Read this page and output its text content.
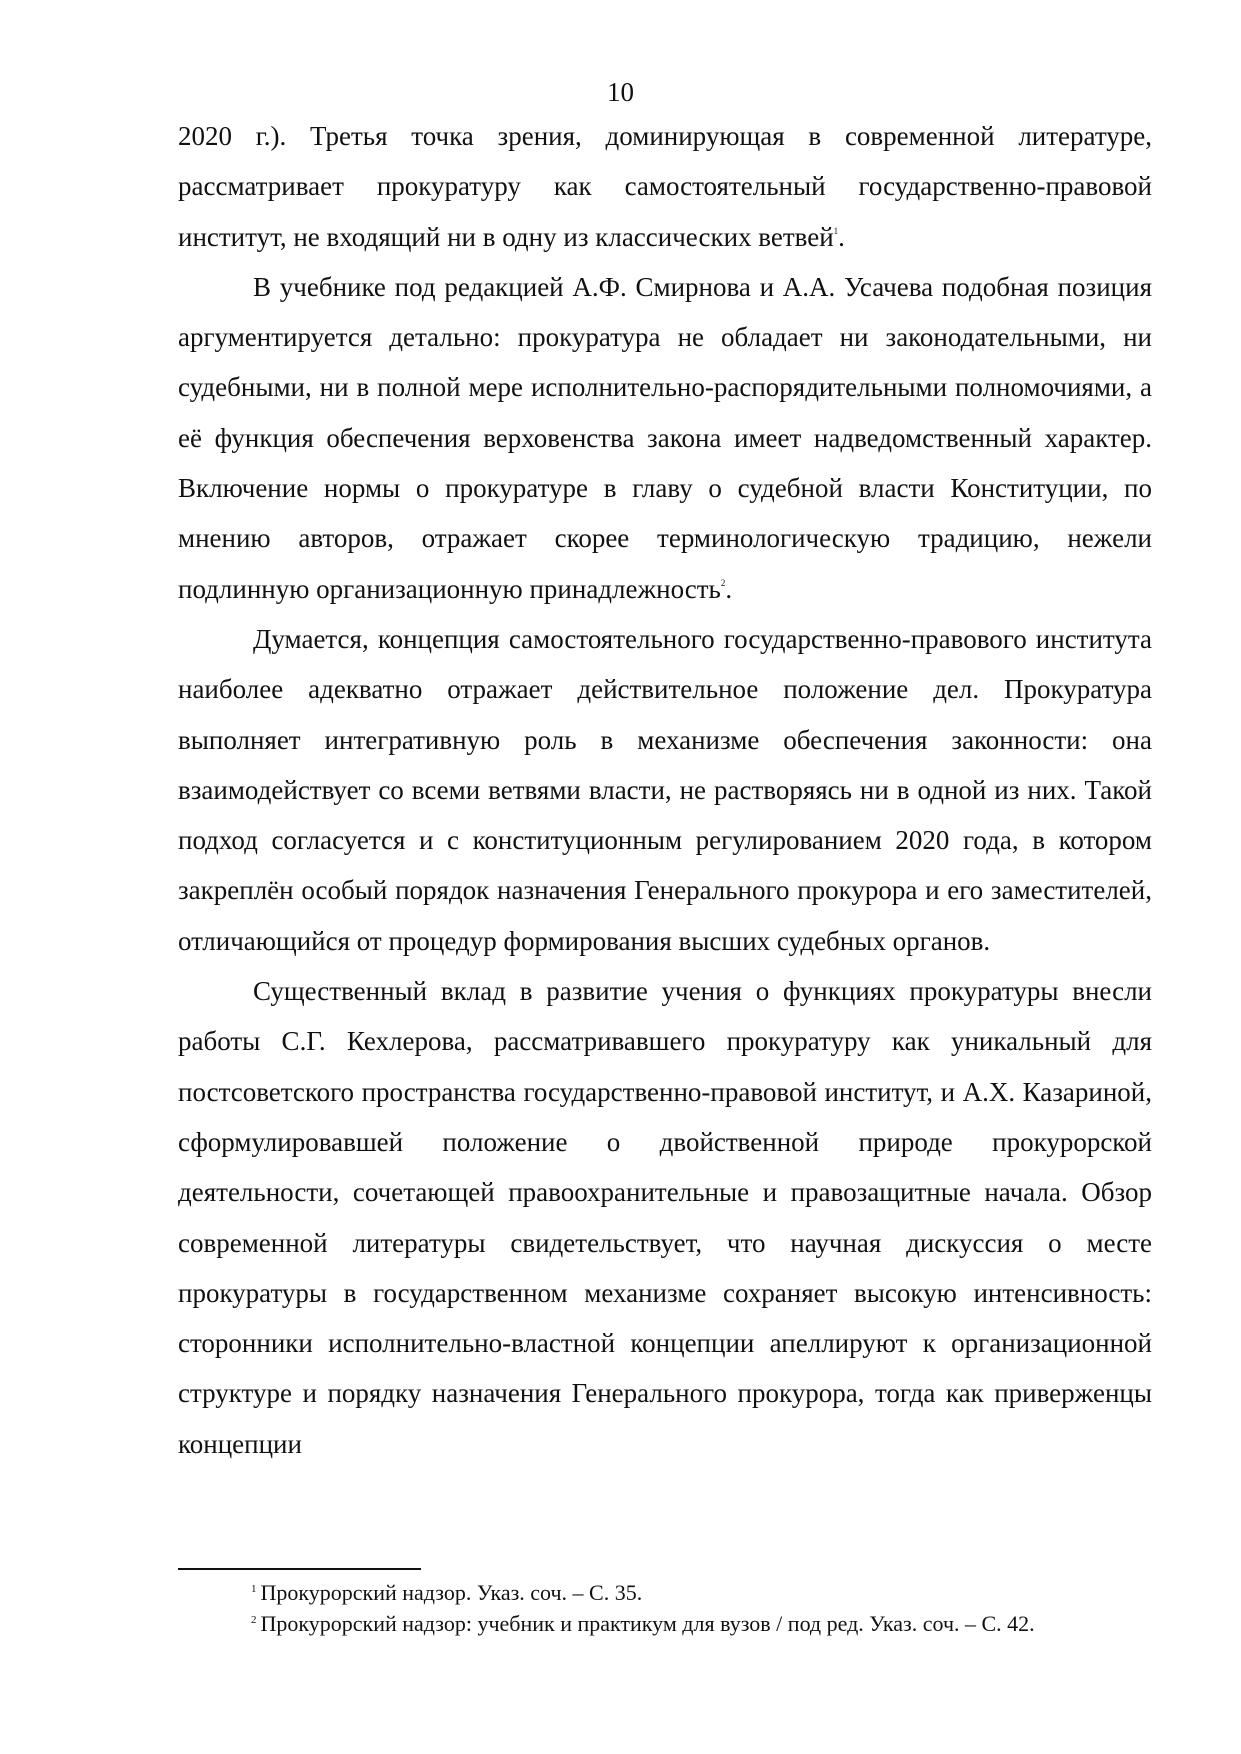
10

2020 г.). Третья точка зрения, доминирующая в современной литературе, рассматривает прокуратуру как самостоятельный государственно-правовой институт, не входящий ни в одну из классических ветвей$^1$.

В учебнике под редакцией А.Ф. Смирнова и А.А. Усачева подобная позиция аргументируется детально: прокуратура не обладает ни законодательными, ни судебными, ни в полной мере исполнительно-распорядительными полномочиями, а её функция обеспечения верховенства закона имеет надведомственный характер. Включение нормы о прокуратуре в главу о судебной власти Конституции, по мнению авторов, отражает скорее терминологическую традицию, нежели подлинную организационную принадлежность$^2$.

Думается, концепция самостоятельного государственно-правового института наиболее адекватно отражает действительное положение дел. Прокуратура выполняет интегративную роль в механизме обеспечения законности: она взаимодействует со всеми ветвями власти, не растворяясь ни в одной из них. Такой подход согласуется и с конституционным регулированием 2020 года, в котором закреплён особый порядок назначения Генерального прокурора и его заместителей, отличающийся от процедур формирования высших судебных органов.

Существенный вклад в развитие учения о функциях прокуратуры внесли работы С.Г. Кехлерова, рассматривавшего прокуратуру как уникальный для постсоветского пространства государственно-правовой институт, и А.Х. Казариной, сформулировавшей положение о двойственной природе прокурорской деятельности, сочетающей правоохранительные и правозащитные начала. Обзор современной литературы свидетельствует, что научная дискуссия о месте прокуратуры в государственном механизме сохраняет высокую интенсивность: сторонники исполнительно-властной концепции апеллируют к организационной структуре и порядку назначения Генерального прокурора, тогда как приверженцы концепции

$^1$ Прокурорский надзор. Указ. соч. – С. 35.

$^2$ Прокурорский надзор: учебник и практикум для вузов / под ред. Указ. соч. – С. 42.
